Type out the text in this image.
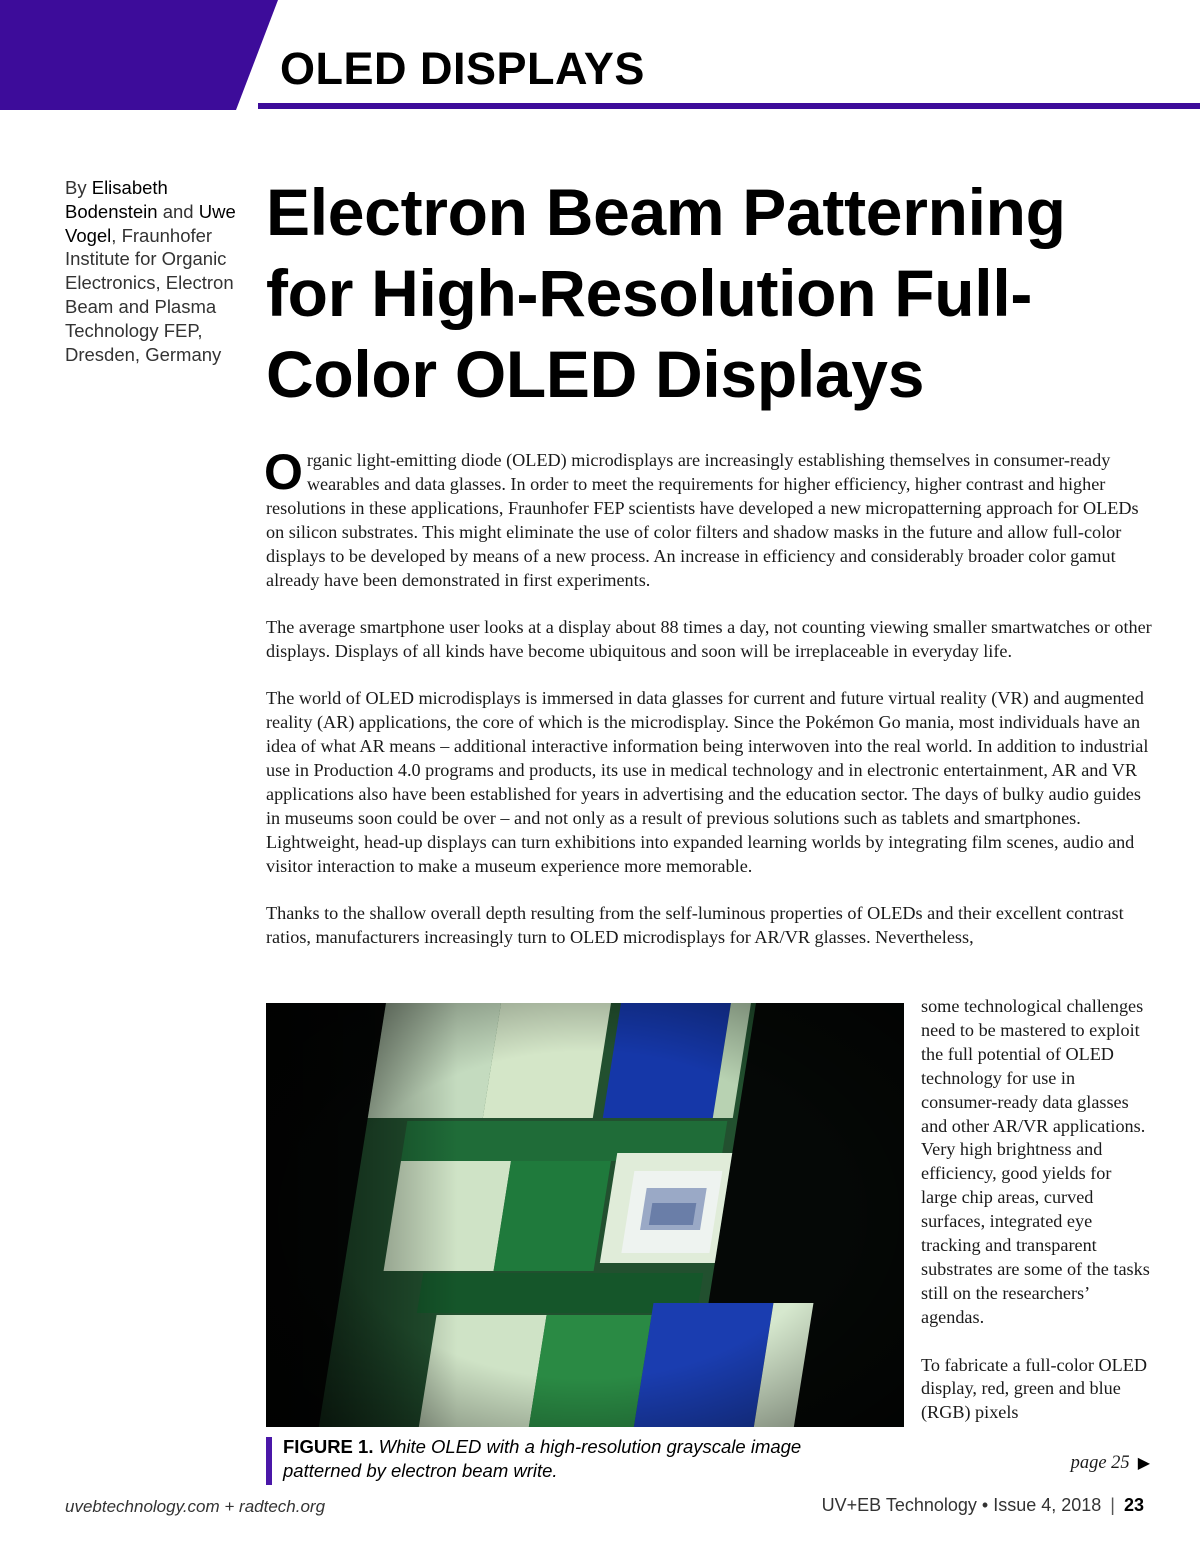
OLED DISPLAYS
By Elisabeth Bodenstein and Uwe Vogel, Fraunhofer Institute for Organic Electronics, Electron Beam and Plasma Technology FEP, Dresden, Germany
Electron Beam Patterning for High-Resolution Full-Color OLED Displays

Organic light-emitting diode (OLED) microdisplays are increasingly establishing themselves in consumer-ready wearables and data glasses. In order to meet the requirements for higher efficiency, higher contrast and higher resolutions in these applications, Fraunhofer FEP scientists have developed a new micropatterning approach for OLEDs on silicon substrates. This might eliminate the use of color filters and shadow masks in the future and allow full-color displays to be developed by means of a new process. An increase in efficiency and considerably broader color gamut already have been demonstrated in first experiments.

The average smartphone user looks at a display about 88 times a day, not counting viewing smaller smartwatches or other displays. Displays of all kinds have become ubiquitous and soon will be irreplaceable in everyday life.

The world of OLED microdisplays is immersed in data glasses for current and future virtual reality (VR) and augmented reality (AR) applications, the core of which is the microdisplay. Since the Pokémon Go mania, most individuals have an idea of what AR means – additional interactive information being interwoven into the real world. In addition to industrial use in Production 4.0 programs and products, its use in medical technology and in electronic entertainment, AR and VR applications also have been established for years in advertising and the education sector. The days of bulky audio guides in museums soon could be over – and not only as a result of previous solutions such as tablets and smartphones. Lightweight, head-up displays can turn exhibitions into expanded learning worlds by integrating film scenes, audio and visitor interaction to make a museum experience more memorable.

Thanks to the shallow overall depth resulting from the self-luminous properties of OLEDs and their excellent contrast ratios, manufacturers increasingly turn to OLED microdisplays for AR/VR glasses. Nevertheless,

FIGURE 1. White OLED with a high-resolution grayscale image patterned by electron beam write.

some technological challenges need to be mastered to exploit the full potential of OLED technology for use in consumer-ready data glasses and other AR/VR applications. Very high brightness and efficiency, good yields for large chip areas, curved surfaces, integrated eye tracking and transparent substrates are some of the tasks still on the researchers’ agendas.

To fabricate a full-color OLED display, red, green and blue (RGB) pixels

page 25 ▶
uvebtechnology.com + radtech.org	UV+EB Technology • Issue 4, 2018 | 23
